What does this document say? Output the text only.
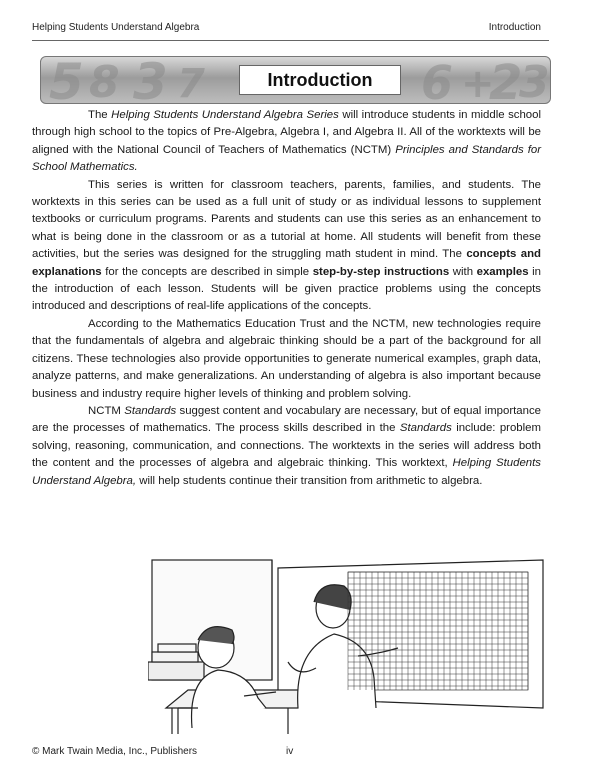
Helping Students Understand Algebra	Introduction
5 8 3 7	6 +
2
3
Introduction

The Helping Students Understand Algebra Series will introduce students in middle school through high school to the topics of Pre-Algebra, Algebra I, and Algebra II. All of the worktexts will be aligned with the National Council of Teachers of Mathematics (NCTM) Principles and Standards for School Mathematics.

This series is written for classroom teachers, parents, families, and students. The worktexts in this series can be used as a full unit of study or as individual lessons to supplement textbooks or curriculum programs. Parents and students can use this series as an enhancement to what is being done in the classroom or as a tutorial at home. All students will benefit from these activities, but the series was designed for the struggling math student in mind. The concepts and explanations for the concepts are described in simple step-by-step instructions with examples in the introduction of each lesson. Students will be given practice problems using the concepts introduced and descriptions of real-life applications of the concepts.

According to the Mathematics Education Trust and the NCTM, new technologies require that the fundamentals of algebra and algebraic thinking should be a part of the background for all citizens. These technologies also provide opportunities to generate numerical examples, graph data, analyze patterns, and make generalizations. An understanding of algebra is also important because business and industry require higher levels of thinking and problem solving.

NCTM Standards suggest content and vocabulary are necessary, but of equal importance are the processes of mathematics. The process skills described in the Standards include: problem solving, reasoning, communication, and connections. The worktexts in the series will address both the content and the processes of algebra and algebraic thinking. This worktext, Helping Students Understand Algebra, will help students continue their transition from arithmetic to algebra.

© Mark Twain Media, Inc., Publishers	iv
